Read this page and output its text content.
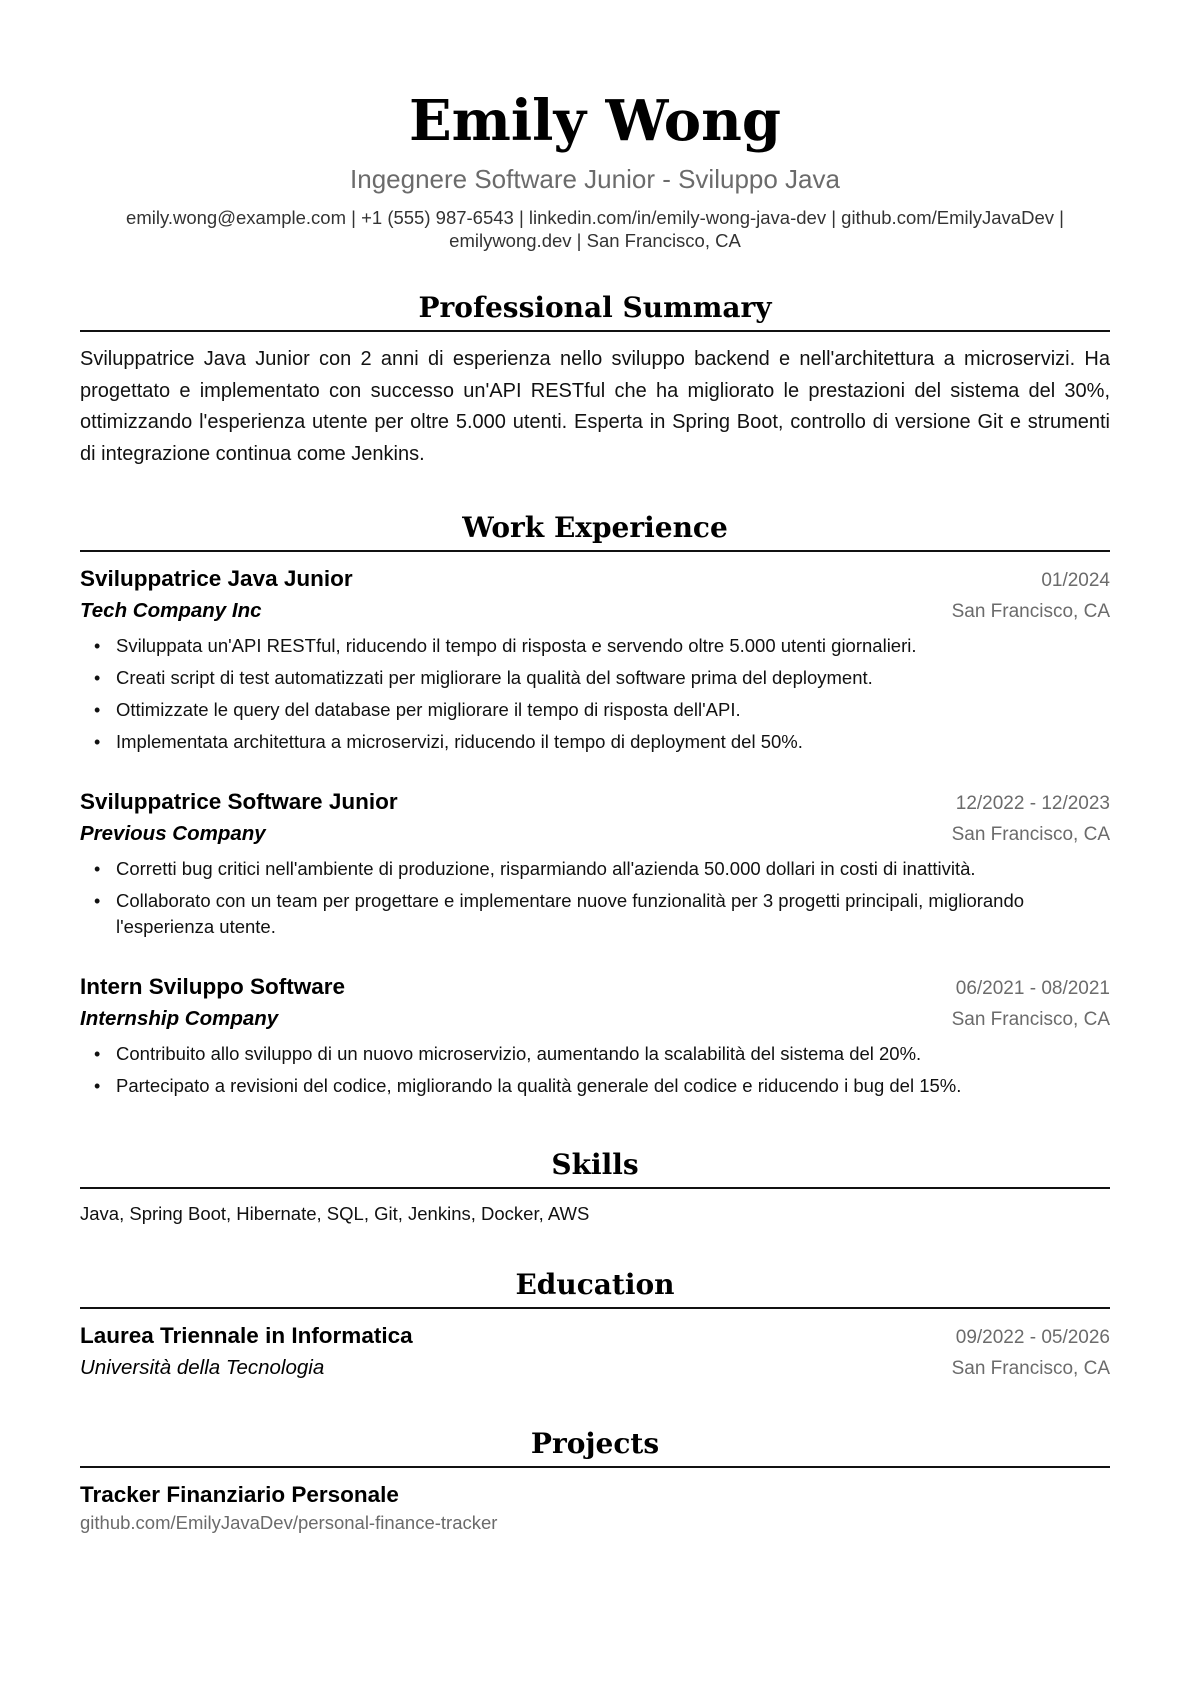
Emily Wong
Ingegnere Software Junior - Sviluppo Java
emily.wong@example.com | +1 (555) 987-6543 | linkedin.com/in/emily-wong-java-dev | github.com/EmilyJavaDev |
emilywong.dev | San Francisco, CA
Professional Summary
Sviluppatrice Java Junior con 2 anni di esperienza nello sviluppo backend e nell'architettura a microservizi. Ha progettato e implementato con successo un'API RESTful che ha migliorato le prestazioni del sistema del 30%, ottimizzando l'esperienza utente per oltre 5.000 utenti. Esperta in Spring Boot, controllo di versione Git e strumenti di integrazione continua come Jenkins.
Work Experience
Sviluppatrice Java Junior	01/2024
Tech Company Inc	San Francisco, CA
• Sviluppata un'API RESTful, riducendo il tempo di risposta e servendo oltre 5.000 utenti giornalieri.
• Creati script di test automatizzati per migliorare la qualità del software prima del deployment.
• Ottimizzate le query del database per migliorare il tempo di risposta dell'API.
• Implementata architettura a microservizi, riducendo il tempo di deployment del 50%.
Sviluppatrice Software Junior	12/2022 - 12/2023
Previous Company	San Francisco, CA
• Corretti bug critici nell'ambiente di produzione, risparmiando all'azienda 50.000 dollari in costi di inattività.
• Collaborato con un team per progettare e implementare nuove funzionalità per 3 progetti principali, migliorando l'esperienza utente.
Intern Sviluppo Software	06/2021 - 08/2021
Internship Company	San Francisco, CA
• Contribuito allo sviluppo di un nuovo microservizio, aumentando la scalabilità del sistema del 20%.
• Partecipato a revisioni del codice, migliorando la qualità generale del codice e riducendo i bug del 15%.
Skills
Java, Spring Boot, Hibernate, SQL, Git, Jenkins, Docker, AWS
Education
Laurea Triennale in Informatica	09/2022 - 05/2026
Università della Tecnologia	San Francisco, CA
Projects
Tracker Finanziario Personale
github.com/EmilyJavaDev/personal-finance-tracker
